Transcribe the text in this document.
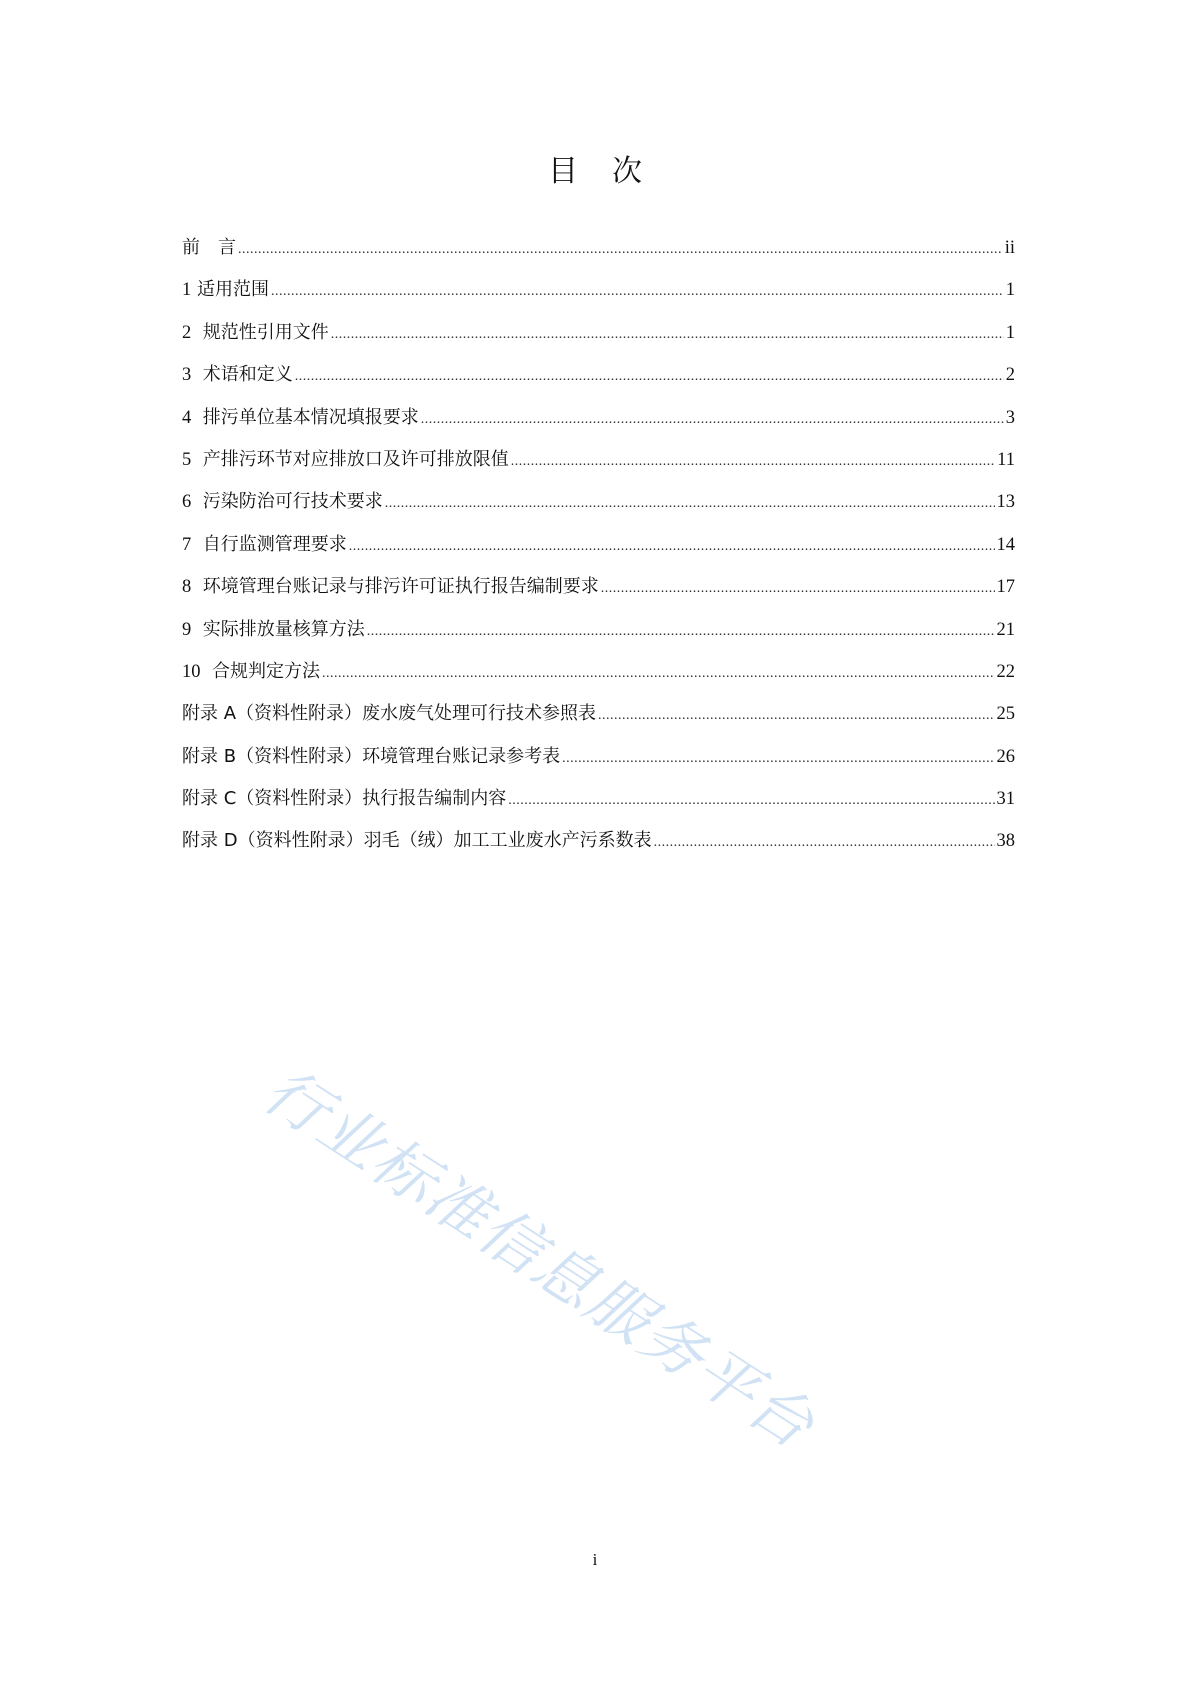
目 次
前　言 .....	ii
1 适用范围 .....	1
2 规范性引用文件 .....	1
3 术语和定义 .....	2
4 排污单位基本情况填报要求 .....	3
5 产排污环节对应排放口及许可排放限值 .....	11
6 污染防治可行技术要求 .....	13
7 自行监测管理要求 .....	14
8 环境管理台账记录与排污许可证执行报告编制要求 .....	17
9 实际排放量核算方法 .....	21
10 合规判定方法 .....	22
附录 A（资料性附录）废水废气处理可行技术参照表 .....	25
附录 B（资料性附录）环境管理台账记录参考表 .....	26
附录 C（资料性附录）执行报告编制内容 .....	31
附录 D（资料性附录）羽毛（绒）加工工业废水产污系数表 .....	38
行业标准信息服务平台
i
